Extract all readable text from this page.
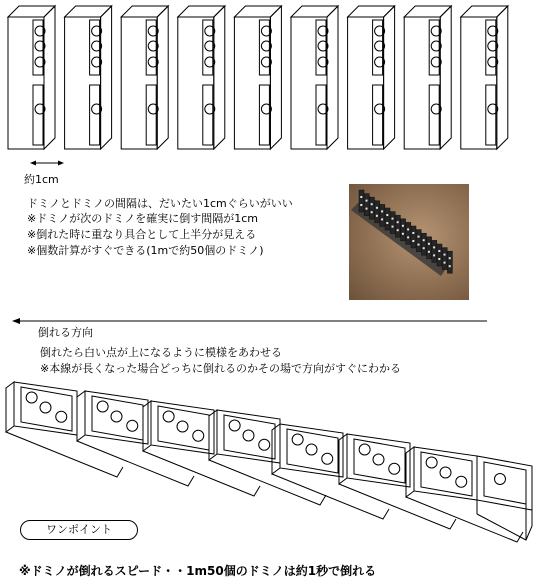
約1cm
ドミノとドミノの間隔は、だいたい1cmぐらいがいい
※ドミノが次のドミノを確実に倒す間隔が1cm
※倒れた時に重なり具合として上半分が見える
※個数計算がすぐできる(1mで約50個のドミノ)
倒れる方向
倒れたら白い点が上になるように模様をあわせる
※本線が長くなった場合どっちに倒れるのかその場で方向がすぐにわかる
ワンポイント
※ドミノが倒れるスピード・・1m50個のドミノは約1秒で倒れる
